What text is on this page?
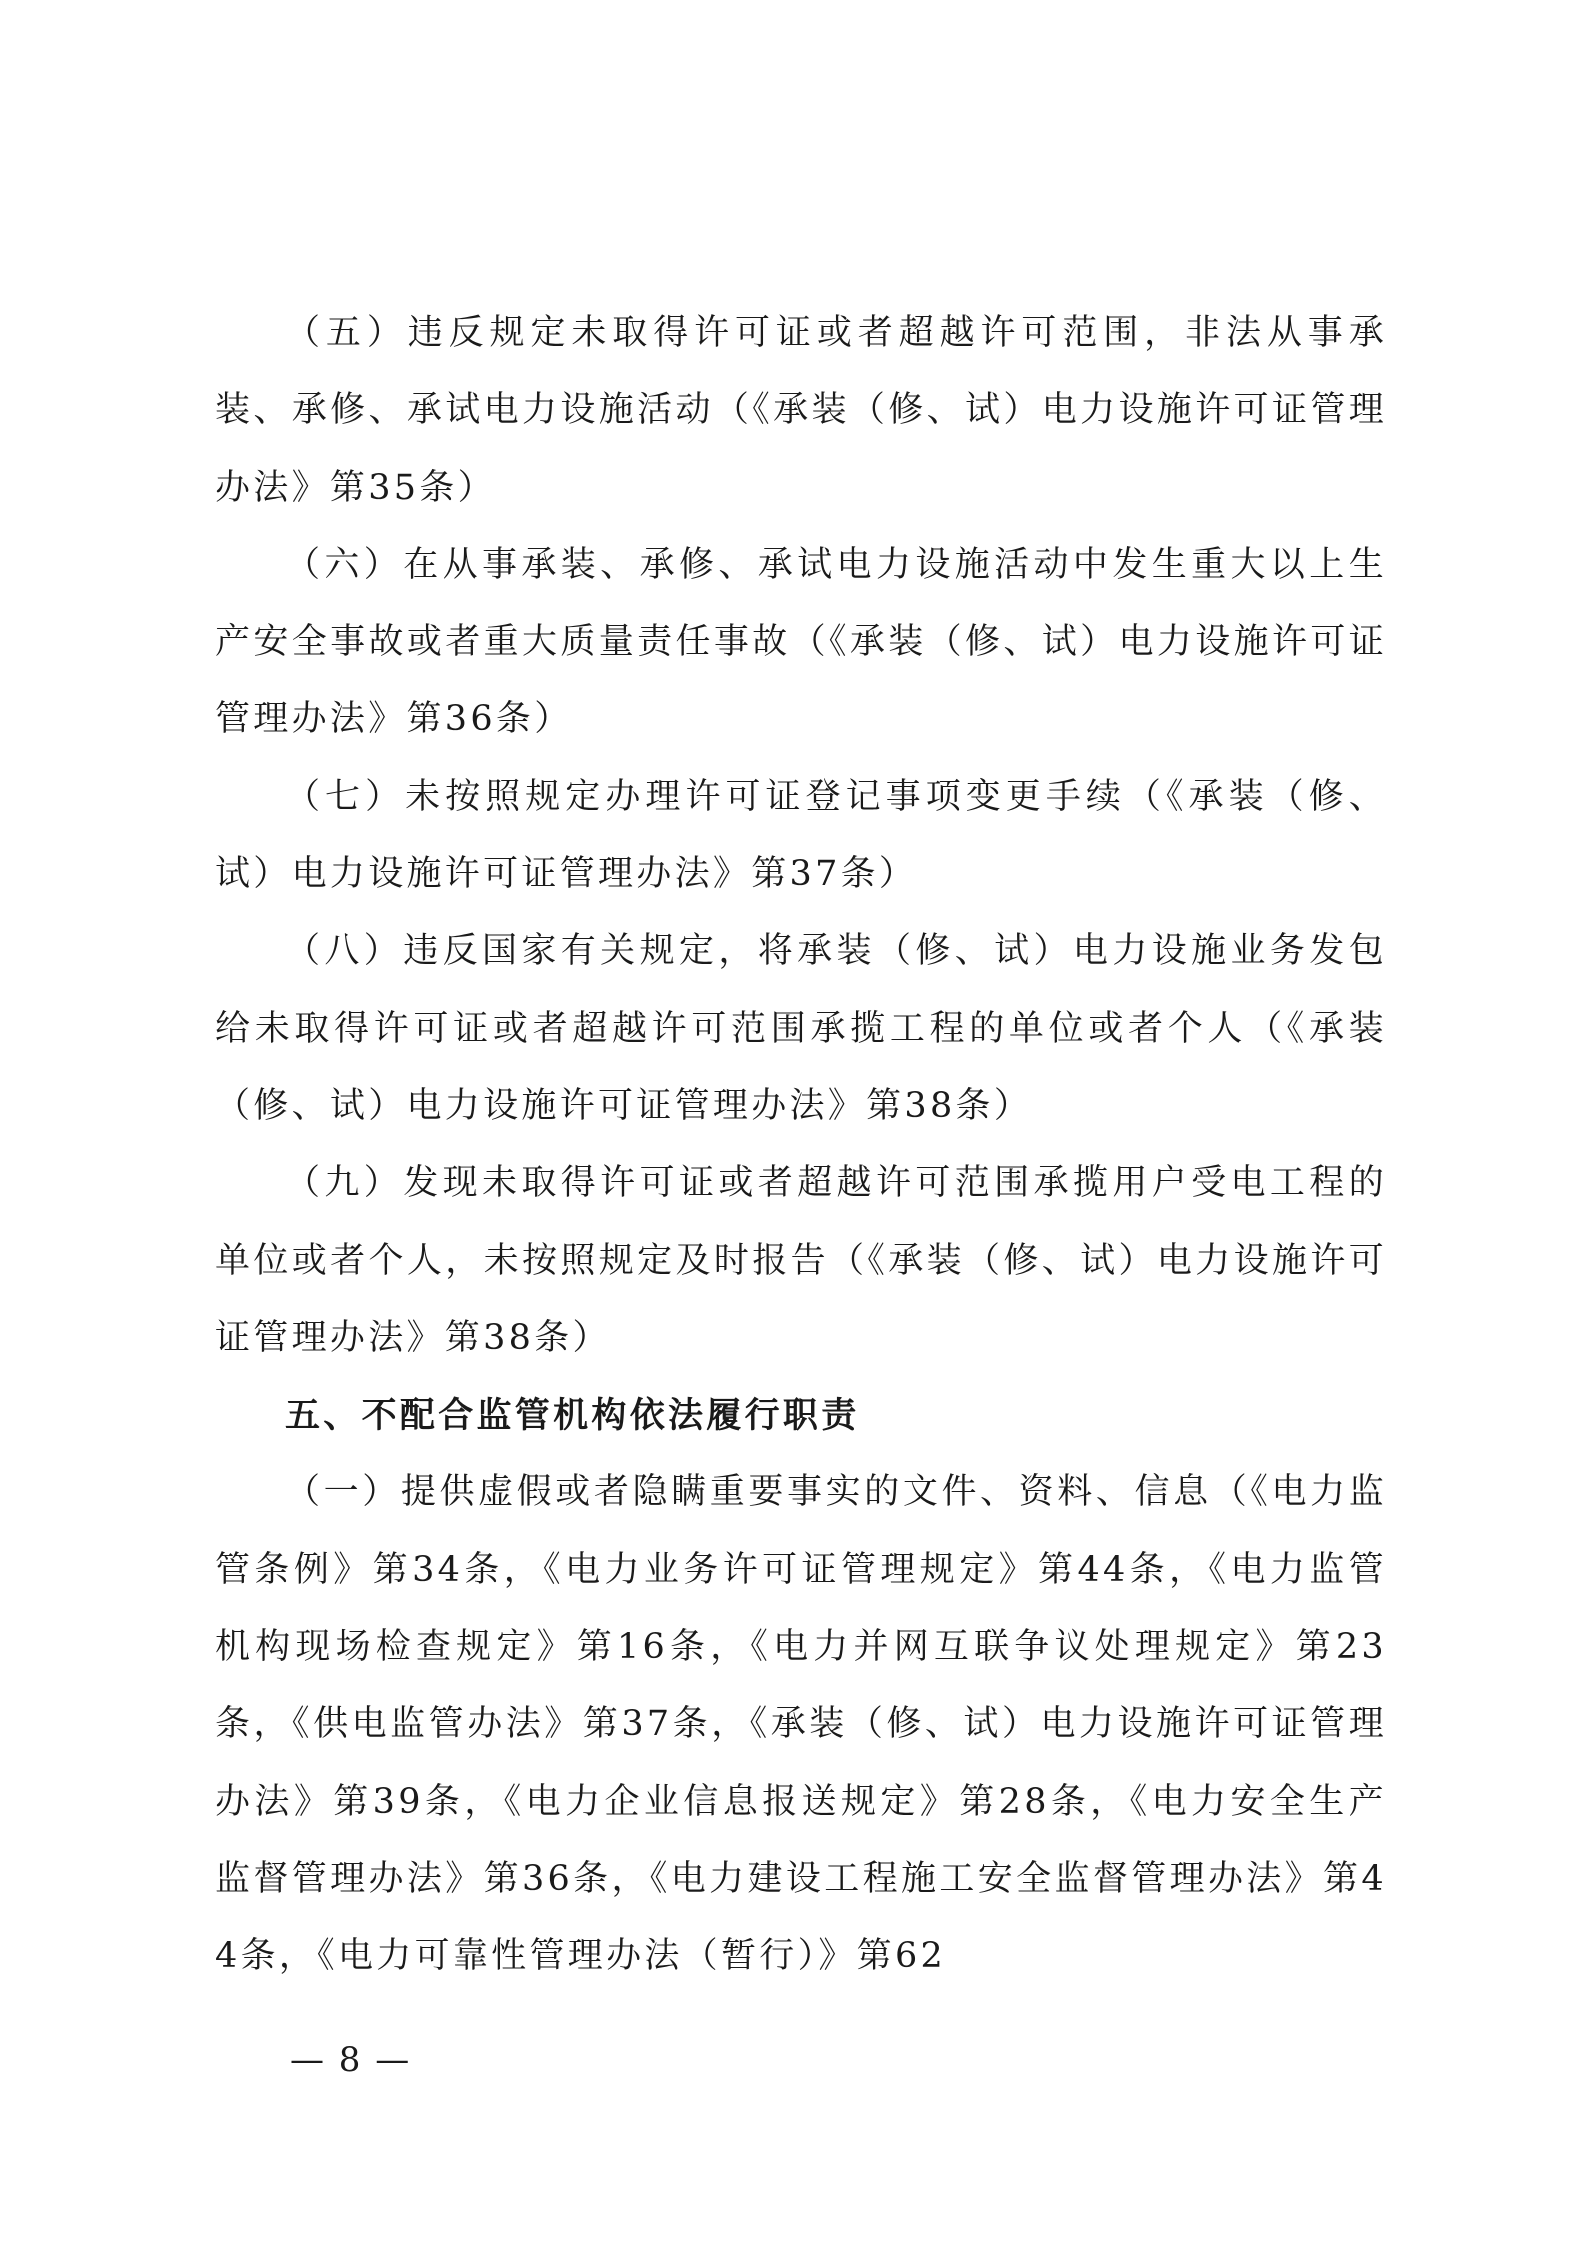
（五）违反规定未取得许可证或者超越许可范围，非法从事承装、承修、承试电力设施活动（《承装（修、试）电力设施许可证管理办法》第35条）

（六）在从事承装、承修、承试电力设施活动中发生重大以上生产安全事故或者重大质量责任事故（《承装（修、试）电力设施许可证管理办法》第36条）

（七）未按照规定办理许可证登记事项变更手续（《承装（修、试）电力设施许可证管理办法》第37条）

（八）违反国家有关规定，将承装（修、试）电力设施业务发包给未取得许可证或者超越许可范围承揽工程的单位或者个人（《承装（修、试）电力设施许可证管理办法》第38条）

（九）发现未取得许可证或者超越许可范围承揽用户受电工程的单位或者个人，未按照规定及时报告（《承装（修、试）电力设施许可证管理办法》第38条）

五、不配合监管机构依法履行职责

（一）提供虚假或者隐瞒重要事实的文件、资料、信息（《电力监管条例》第34条，《电力业务许可证管理规定》第44条，《电力监管机构现场检查规定》第16条，《电力并网互联争议处理规定》第23条，《供电监管办法》第37条，《承装（修、试）电力设施许可证管理办法》第39条，《电力企业信息报送规定》第28条，《电力安全生产监督管理办法》第36条，《电力建设工程施工安全监督管理办法》第44条，《电力可靠性管理办法（暂行）》第62

— 8 —
